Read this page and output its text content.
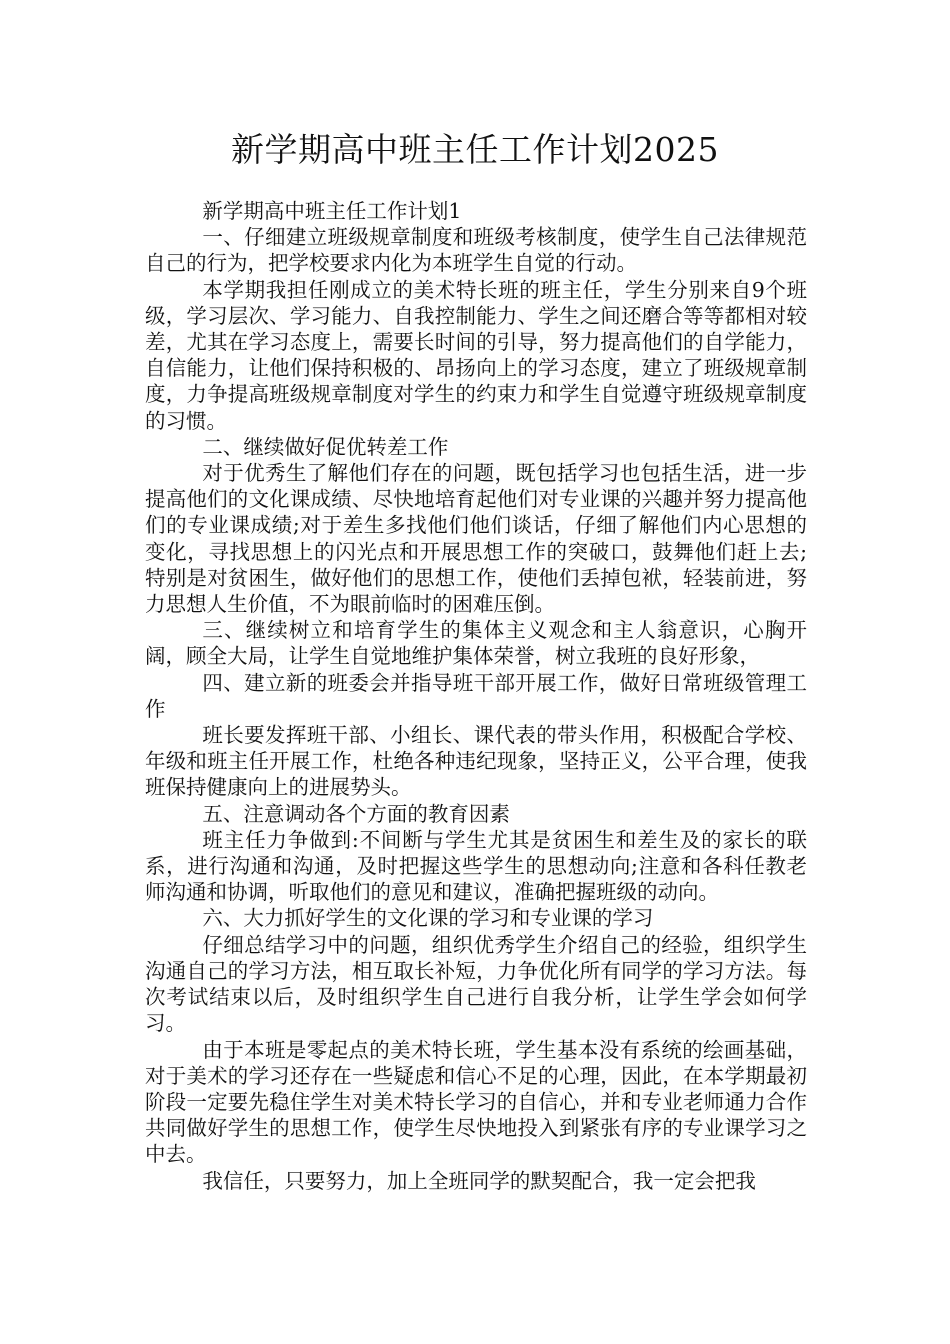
新学期高中班主任工作计划2025

新学期高中班主任工作计划1

一、仔细建立班级规章制度和班级考核制度，使学生自己法律规范自己的行为，把学校要求内化为本班学生自觉的行动。

本学期我担任刚成立的美术特长班的班主任，学生分别来自9个班级，学习层次、学习能力、自我控制能力、学生之间还磨合等等都相对较差，尤其在学习态度上，需要长时间的引导，努力提高他们的自学能力，自信能力，让他们保持积极的、昂扬向上的学习态度，建立了班级规章制度，力争提高班级规章制度对学生的约束力和学生自觉遵守班级规章制度的习惯。

二、继续做好促优转差工作

对于优秀生了解他们存在的问题，既包括学习也包括生活，进一步提高他们的文化课成绩、尽快地培育起他们对专业课的兴趣并努力提高他们的专业课成绩;对于差生多找他们他们谈话，仔细了解他们内心思想的变化，寻找思想上的闪光点和开展思想工作的突破口，鼓舞他们赶上去;特别是对贫困生，做好他们的思想工作，使他们丢掉包袱，轻装前进，努力思想人生价值，不为眼前临时的困难压倒。

三、继续树立和培育学生的集体主义观念和主人翁意识，心胸开阔，顾全大局，让学生自觉地维护集体荣誉，树立我班的良好形象，

四、建立新的班委会并指导班干部开展工作，做好日常班级管理工作

班长要发挥班干部、小组长、课代表的带头作用，积极配合学校、年级和班主任开展工作，杜绝各种违纪现象，坚持正义，公平合理，使我班保持健康向上的进展势头。

五、注意调动各个方面的教育因素

班主任力争做到:不间断与学生尤其是贫困生和差生及的家长的联系，进行沟通和沟通，及时把握这些学生的思想动向;注意和各科任教老师沟通和协调，听取他们的意见和建议，准确把握班级的动向。

六、大力抓好学生的文化课的学习和专业课的学习

仔细总结学习中的问题，组织优秀学生介绍自己的经验，组织学生沟通自己的学习方法，相互取长补短，力争优化所有同学的学习方法。每次考试结束以后，及时组织学生自己进行自我分析，让学生学会如何学习。

由于本班是零起点的美术特长班，学生基本没有系统的绘画基础，对于美术的学习还存在一些疑虑和信心不足的心理，因此，在本学期最初阶段一定要先稳住学生对美术特长学习的自信心，并和专业老师通力合作共同做好学生的思想工作，使学生尽快地投入到紧张有序的专业课学习之中去。

我信任，只要努力，加上全班同学的默契配合，我一定会把我
